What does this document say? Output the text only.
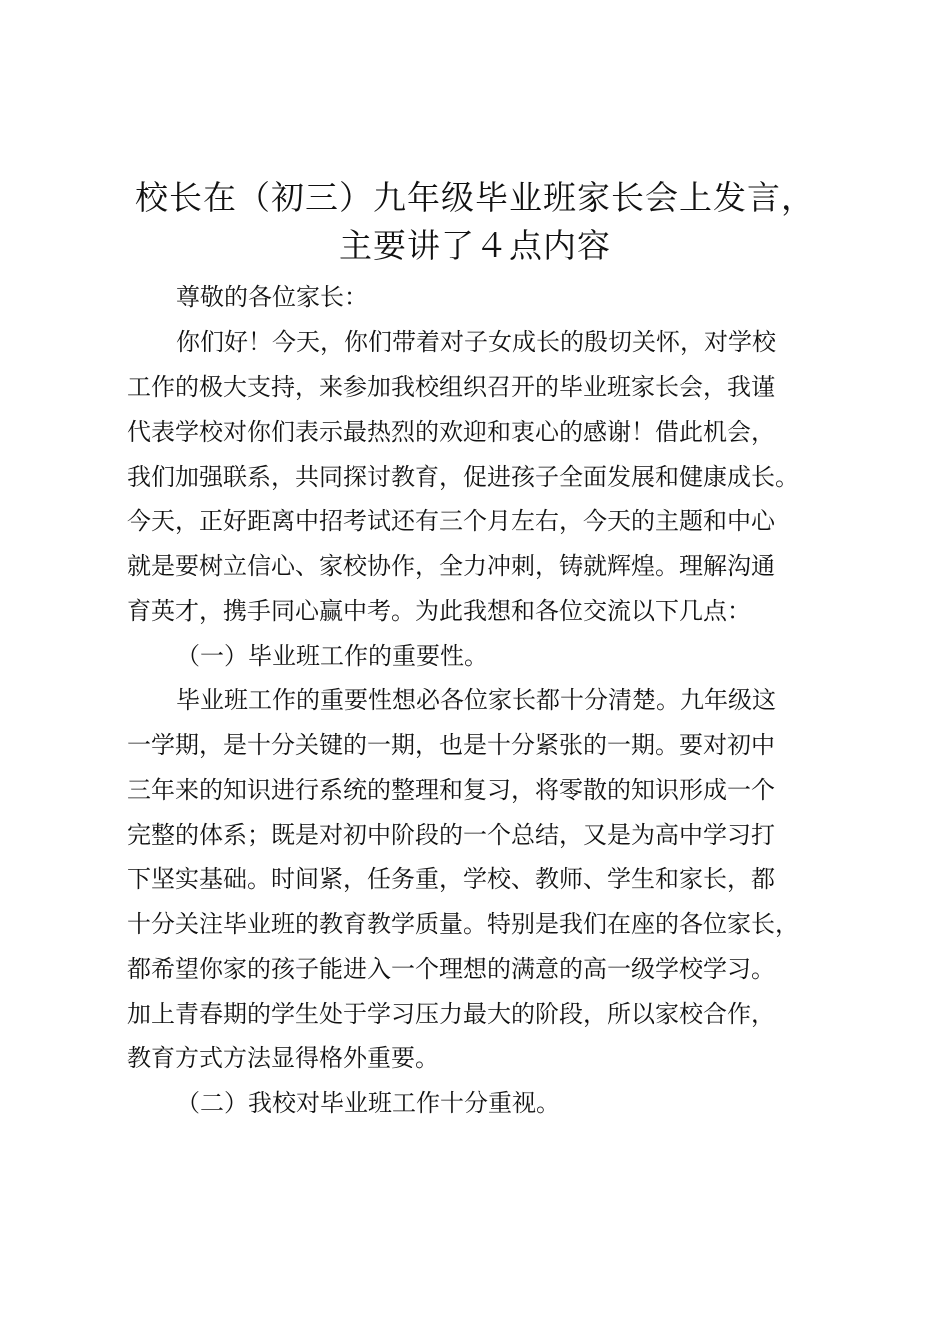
校长在（初三）九年级毕业班家长会上发言，
主要讲了４点内容

尊敬的各位家长：

你们好！今天，你们带着对子女成长的殷切关怀，对学校

工作的极大支持，来参加我校组织召开的毕业班家长会，我谨

代表学校对你们表示最热烈的欢迎和衷心的感谢！借此机会，

我们加强联系，共同探讨教育，促进孩子全面发展和健康成长。

今天，正好距离中招考试还有三个月左右，今天的主题和中心

就是要树立信心、家校协作，全力冲刺，铸就辉煌。理解沟通

育英才，携手同心赢中考。为此我想和各位交流以下几点：

（一）毕业班工作的重要性。

毕业班工作的重要性想必各位家长都十分清楚。九年级这

一学期，是十分关键的一期，也是十分紧张的一期。要对初中

三年来的知识进行系统的整理和复习，将零散的知识形成一个

完整的体系；既是对初中阶段的一个总结，又是为高中学习打

下坚实基础。时间紧，任务重，学校、教师、学生和家长，都

十分关注毕业班的教育教学质量。特别是我们在座的各位家长，

都希望你家的孩子能进入一个理想的满意的高一级学校学习。

加上青春期的学生处于学习压力最大的阶段，所以家校合作，

教育方式方法显得格外重要。

（二）我校对毕业班工作十分重视。
